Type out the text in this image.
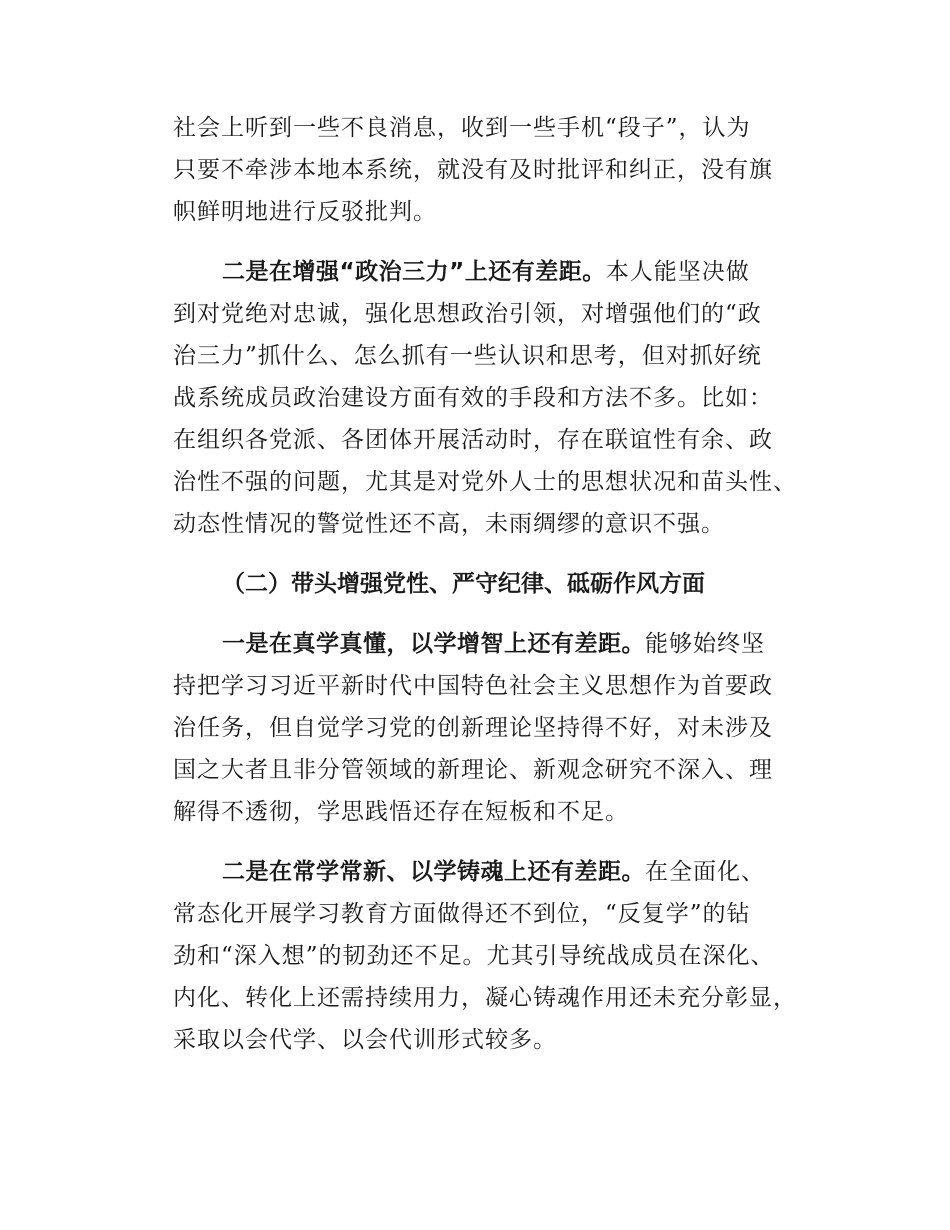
社会上听到一些不良消息，收到一些手机“段子”，认为
只要不牵涉本地本系统，就没有及时批评和纠正，没有旗
帜鲜明地进行反驳批判。
二是在增强“政治三力”上还有差距。本人能坚决做
到对党绝对忠诚，强化思想政治引领，对增强他们的“政
治三力”抓什么、怎么抓有一些认识和思考，但对抓好统
战系统成员政治建设方面有效的手段和方法不多。比如：
在组织各党派、各团体开展活动时，存在联谊性有余、政
治性不强的问题，尤其是对党外人士的思想状况和苗头性、
动态性情况的警觉性还不高，未雨绸缪的意识不强。
（二）带头增强党性、严守纪律、砥砺作风方面
一是在真学真懂，以学增智上还有差距。能够始终坚
持把学习习近平新时代中国特色社会主义思想作为首要政
治任务，但自觉学习党的创新理论坚持得不好，对未涉及
国之大者且非分管领域的新理论、新观念研究不深入、理
解得不透彻，学思践悟还存在短板和不足。
二是在常学常新、以学铸魂上还有差距。在全面化、
常态化开展学习教育方面做得还不到位，“反复学”的钻
劲和“深入想”的韧劲还不足。尤其引导统战成员在深化、
内化、转化上还需持续用力，凝心铸魂作用还未充分彰显，
采取以会代学、以会代训形式较多。
